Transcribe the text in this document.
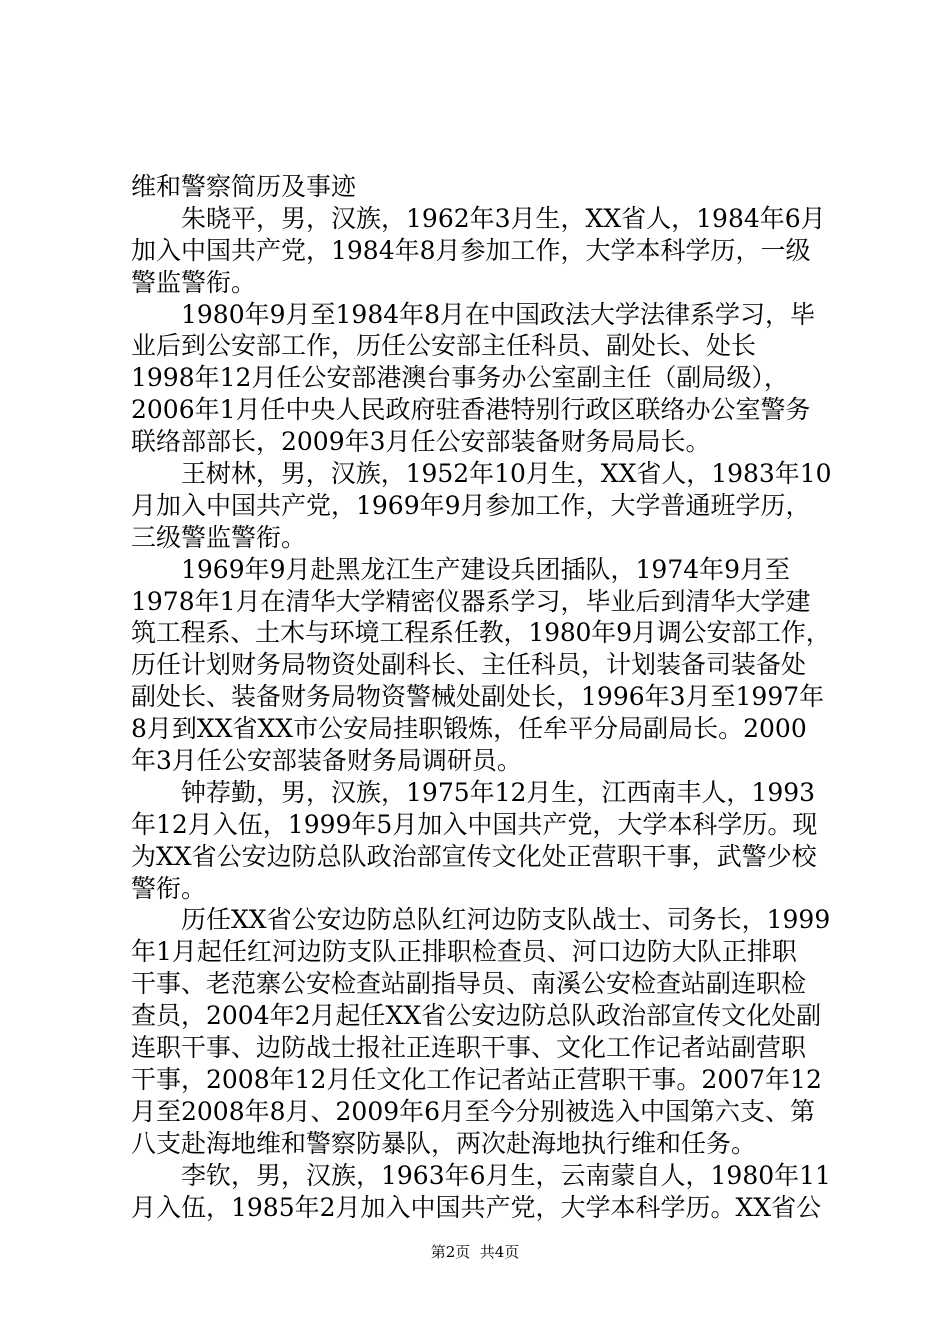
维和警察简历及事迹
　　朱晓平，男，汉族，1962年3月生，XX省人，1984年6月
加入中国共产党，1984年8月参加工作，大学本科学历，一级
警监警衔。
　　1980年9月至1984年8月在中国政法大学法律系学习，毕
业后到公安部工作，历任公安部主任科员、副处长、处长
1998年12月任公安部港澳台事务办公室副主任（副局级），
2006年1月任中央人民政府驻香港特别行政区联络办公室警务
联络部部长，2009年3月任公安部装备财务局局长。
　　王树林，男，汉族，1952年10月生，XX省人，1983年10
月加入中国共产党，1969年9月参加工作，大学普通班学历，
三级警监警衔。
　　1969年9月赴黑龙江生产建设兵团插队，1974年9月至
1978年1月在清华大学精密仪器系学习，毕业后到清华大学建
筑工程系、土木与环境工程系任教，1980年9月调公安部工作，
历任计划财务局物资处副科长、主任科员，计划装备司装备处
副处长、装备财务局物资警械处副处长，1996年3月至1997年
8月到XX省XX市公安局挂职锻炼，任牟平分局副局长。2000
年3月任公安部装备财务局调研员。
　　钟荐勤，男，汉族，1975年12月生，江西南丰人，1993
年12月入伍，1999年5月加入中国共产党，大学本科学历。现
为XX省公安边防总队政治部宣传文化处正营职干事，武警少校
警衔。
　　历任XX省公安边防总队红河边防支队战士、司务长，1999
年1月起任红河边防支队正排职检查员、河口边防大队正排职
干事、老范寨公安检查站副指导员、南溪公安检查站副连职检
查员，2004年2月起任XX省公安边防总队政治部宣传文化处副
连职干事、边防战士报社正连职干事、文化工作记者站副营职
干事，2008年12月任文化工作记者站正营职干事。2007年12
月至2008年8月、2009年6月至今分别被选入中国第六支、第
八支赴海地维和警察防暴队，两次赴海地执行维和任务。
　　李钦，男，汉族，1963年6月生，云南蒙自人，1980年11
月入伍，1985年2月加入中国共产党，大学本科学历。XX省公
第2页  共4页
